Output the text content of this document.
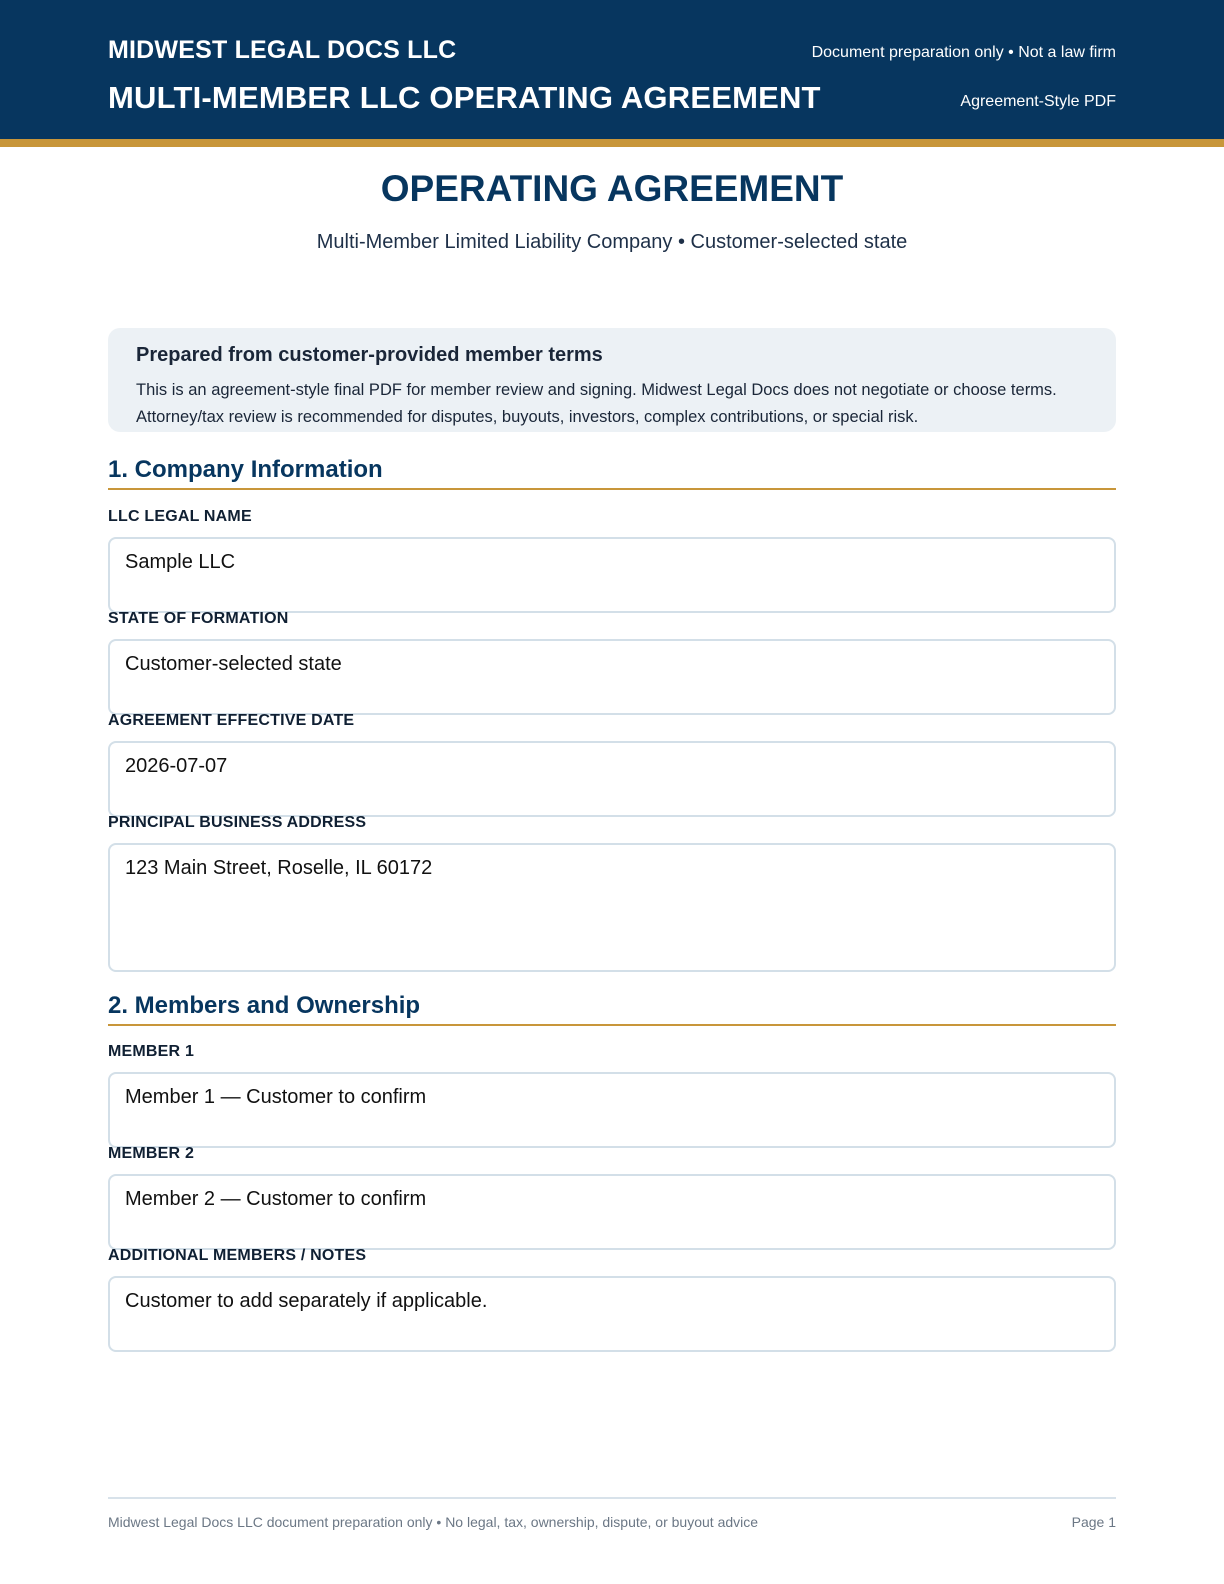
MIDWEST LEGAL DOCS LLC
MULTI-MEMBER LLC OPERATING AGREEMENT
Document preparation only • Not a law firm
Agreement-Style PDF
OPERATING AGREEMENT
Multi-Member Limited Liability Company • Customer-selected state
Prepared from customer-provided member terms
This is an agreement-style final PDF for member review and signing. Midwest Legal Docs does not negotiate or choose terms.
Attorney/tax review is recommended for disputes, buyouts, investors, complex contributions, or special risk.
1. Company Information
LLC LEGAL NAME
Sample LLC
STATE OF FORMATION
Customer-selected state
AGREEMENT EFFECTIVE DATE
2026-07-07
PRINCIPAL BUSINESS ADDRESS
123 Main Street, Roselle, IL 60172
2. Members and Ownership
MEMBER 1
Member 1 — Customer to confirm
MEMBER 2
Member 2 — Customer to confirm
ADDITIONAL MEMBERS / NOTES
Customer to add separately if applicable.
Midwest Legal Docs LLC document preparation only • No legal, tax, ownership, dispute, or buyout advice	Page 1
